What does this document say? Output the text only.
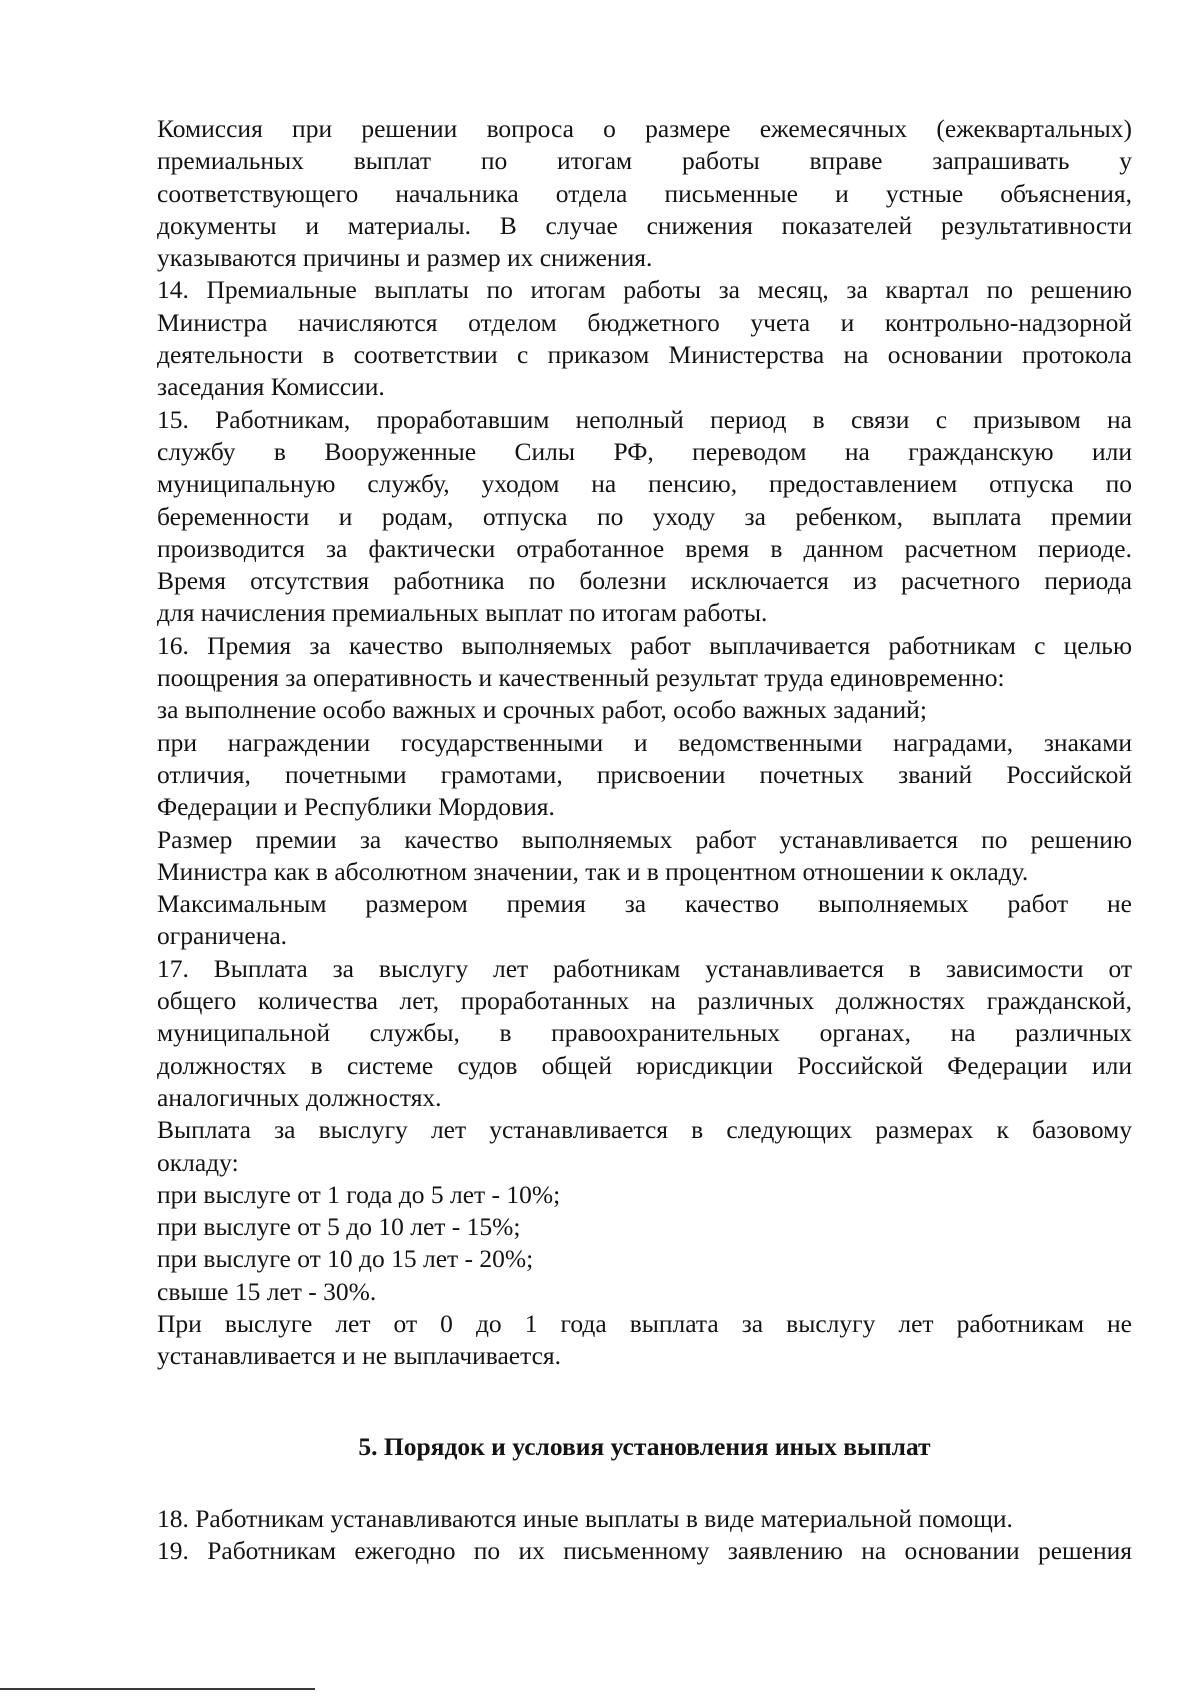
Комиссия при решении вопроса о размере ежемесячных (ежеквартальных)
премиальных выплат по итогам работы вправе запрашивать у
соответствующего начальника отдела письменные и устные объяснения,
документы и материалы. В случае снижения показателей результативности
указываются причины и размер их снижения.

14. Премиальные выплаты по итогам работы за месяц, за квартал по решению
Министра начисляются отделом бюджетного учета и контрольно-надзорной
деятельности в соответствии с приказом Министерства на основании протокола
заседания Комиссии.

15. Работникам, проработавшим неполный период в связи с призывом на
службу в Вооруженные Силы РФ, переводом на гражданскую или
муниципальную службу, уходом на пенсию, предоставлением отпуска по
беременности и родам, отпуска по уходу за ребенком, выплата премии
производится за фактически отработанное время в данном расчетном периоде.
Время отсутствия работника по болезни исключается из расчетного периода
для начисления премиальных выплат по итогам работы.

16. Премия за качество выполняемых работ выплачивается работникам с целью
поощрения за оперативность и качественный результат труда единовременно:

за выполнение особо важных и срочных работ, особо важных заданий;

при награждении государственными и ведомственными наградами, знаками
отличия, почетными грамотами, присвоении почетных званий Российской
Федерации и Республики Мордовия.

Размер премии за качество выполняемых работ устанавливается по решению
Министра как в абсолютном значении, так и в процентном отношении к окладу.

Максимальным размером премия за качество выполняемых работ не
ограничена.

17. Выплата за выслугу лет работникам устанавливается в зависимости от
общего количества лет, проработанных на различных должностях гражданской,
муниципальной службы, в правоохранительных органах, на различных
должностях в системе судов общей юрисдикции Российской Федерации или
аналогичных должностях.

Выплата за выслугу лет устанавливается в следующих размерах к базовому
окладу:

при выслуге от 1 года до 5 лет - 10%;
при выслуге от 5 до 10 лет - 15%;
при выслуге от 10 до 15 лет - 20%;
свыше 15 лет - 30%.

При выслуге лет от 0 до 1 года выплата за выслугу лет работникам не
устанавливается и не выплачивается.

5. Порядок и условия установления иных выплат

18. Работникам устанавливаются иные выплаты в виде материальной помощи.

19. Работникам ежегодно по их письменному заявлению на основании решения
